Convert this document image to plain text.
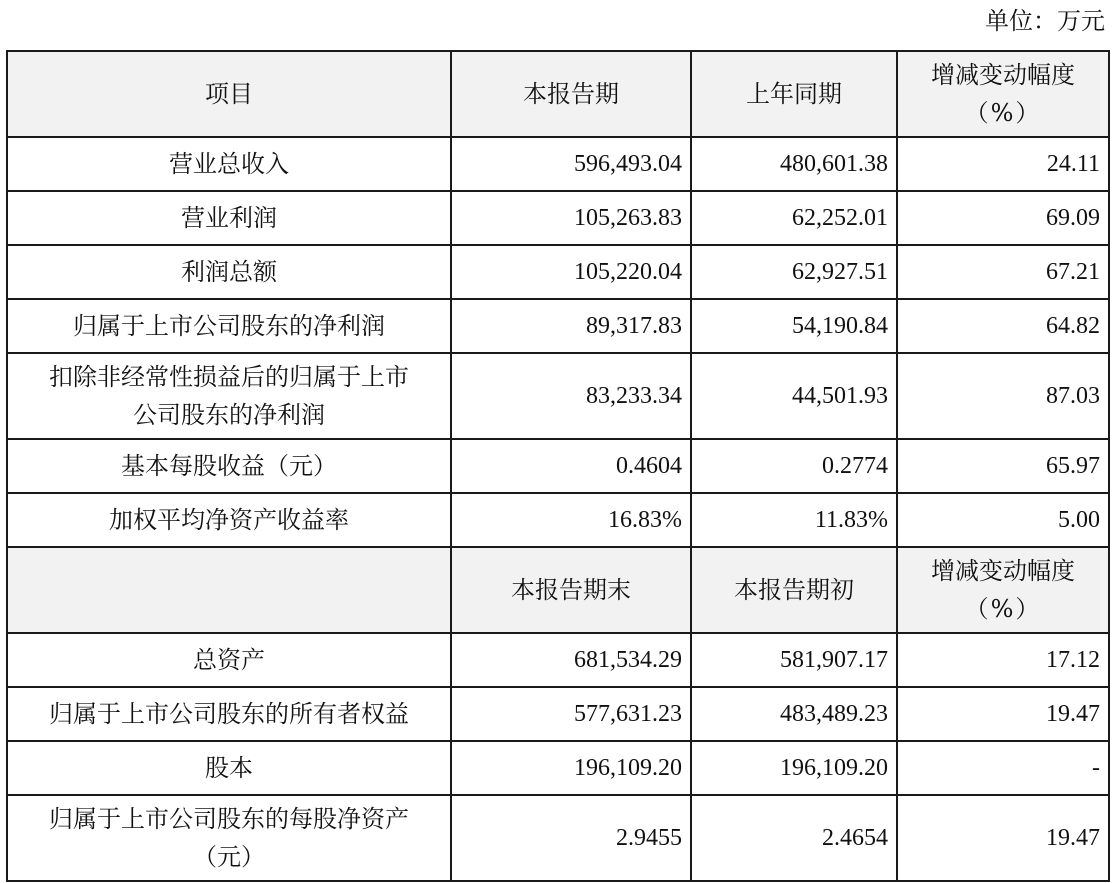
单位：万元
项目	本报告期	上年同期	增减变动幅度
（%）

营业总收入	596,493.04	480,601.38	24.11
营业利润	105,263.83	62,252.01	69.09
利润总额	105,220.04	62,927.51	67.21
归属于上市公司股东的净利润	89,317.83	54,190.84	64.82

扣除非经常性损益后的归属于上市
公司股东的净利润	83,233.34	44,501.93	87.03
基本每股收益（元）	0.4604	0.2774	65.97
加权平均净资产收益率	16.83%	11.83%	5.00
	本报告期末	本报告期初	增减变动幅度
（%）

总资产	681,534.29	581,907.17	17.12
归属于上市公司股东的所有者权益	577,631.23	483,489.23	19.47
股本	196,109.20	196,109.20	-

归属于上市公司股东的每股净资产
（元）	2.9455	2.4654	19.47
